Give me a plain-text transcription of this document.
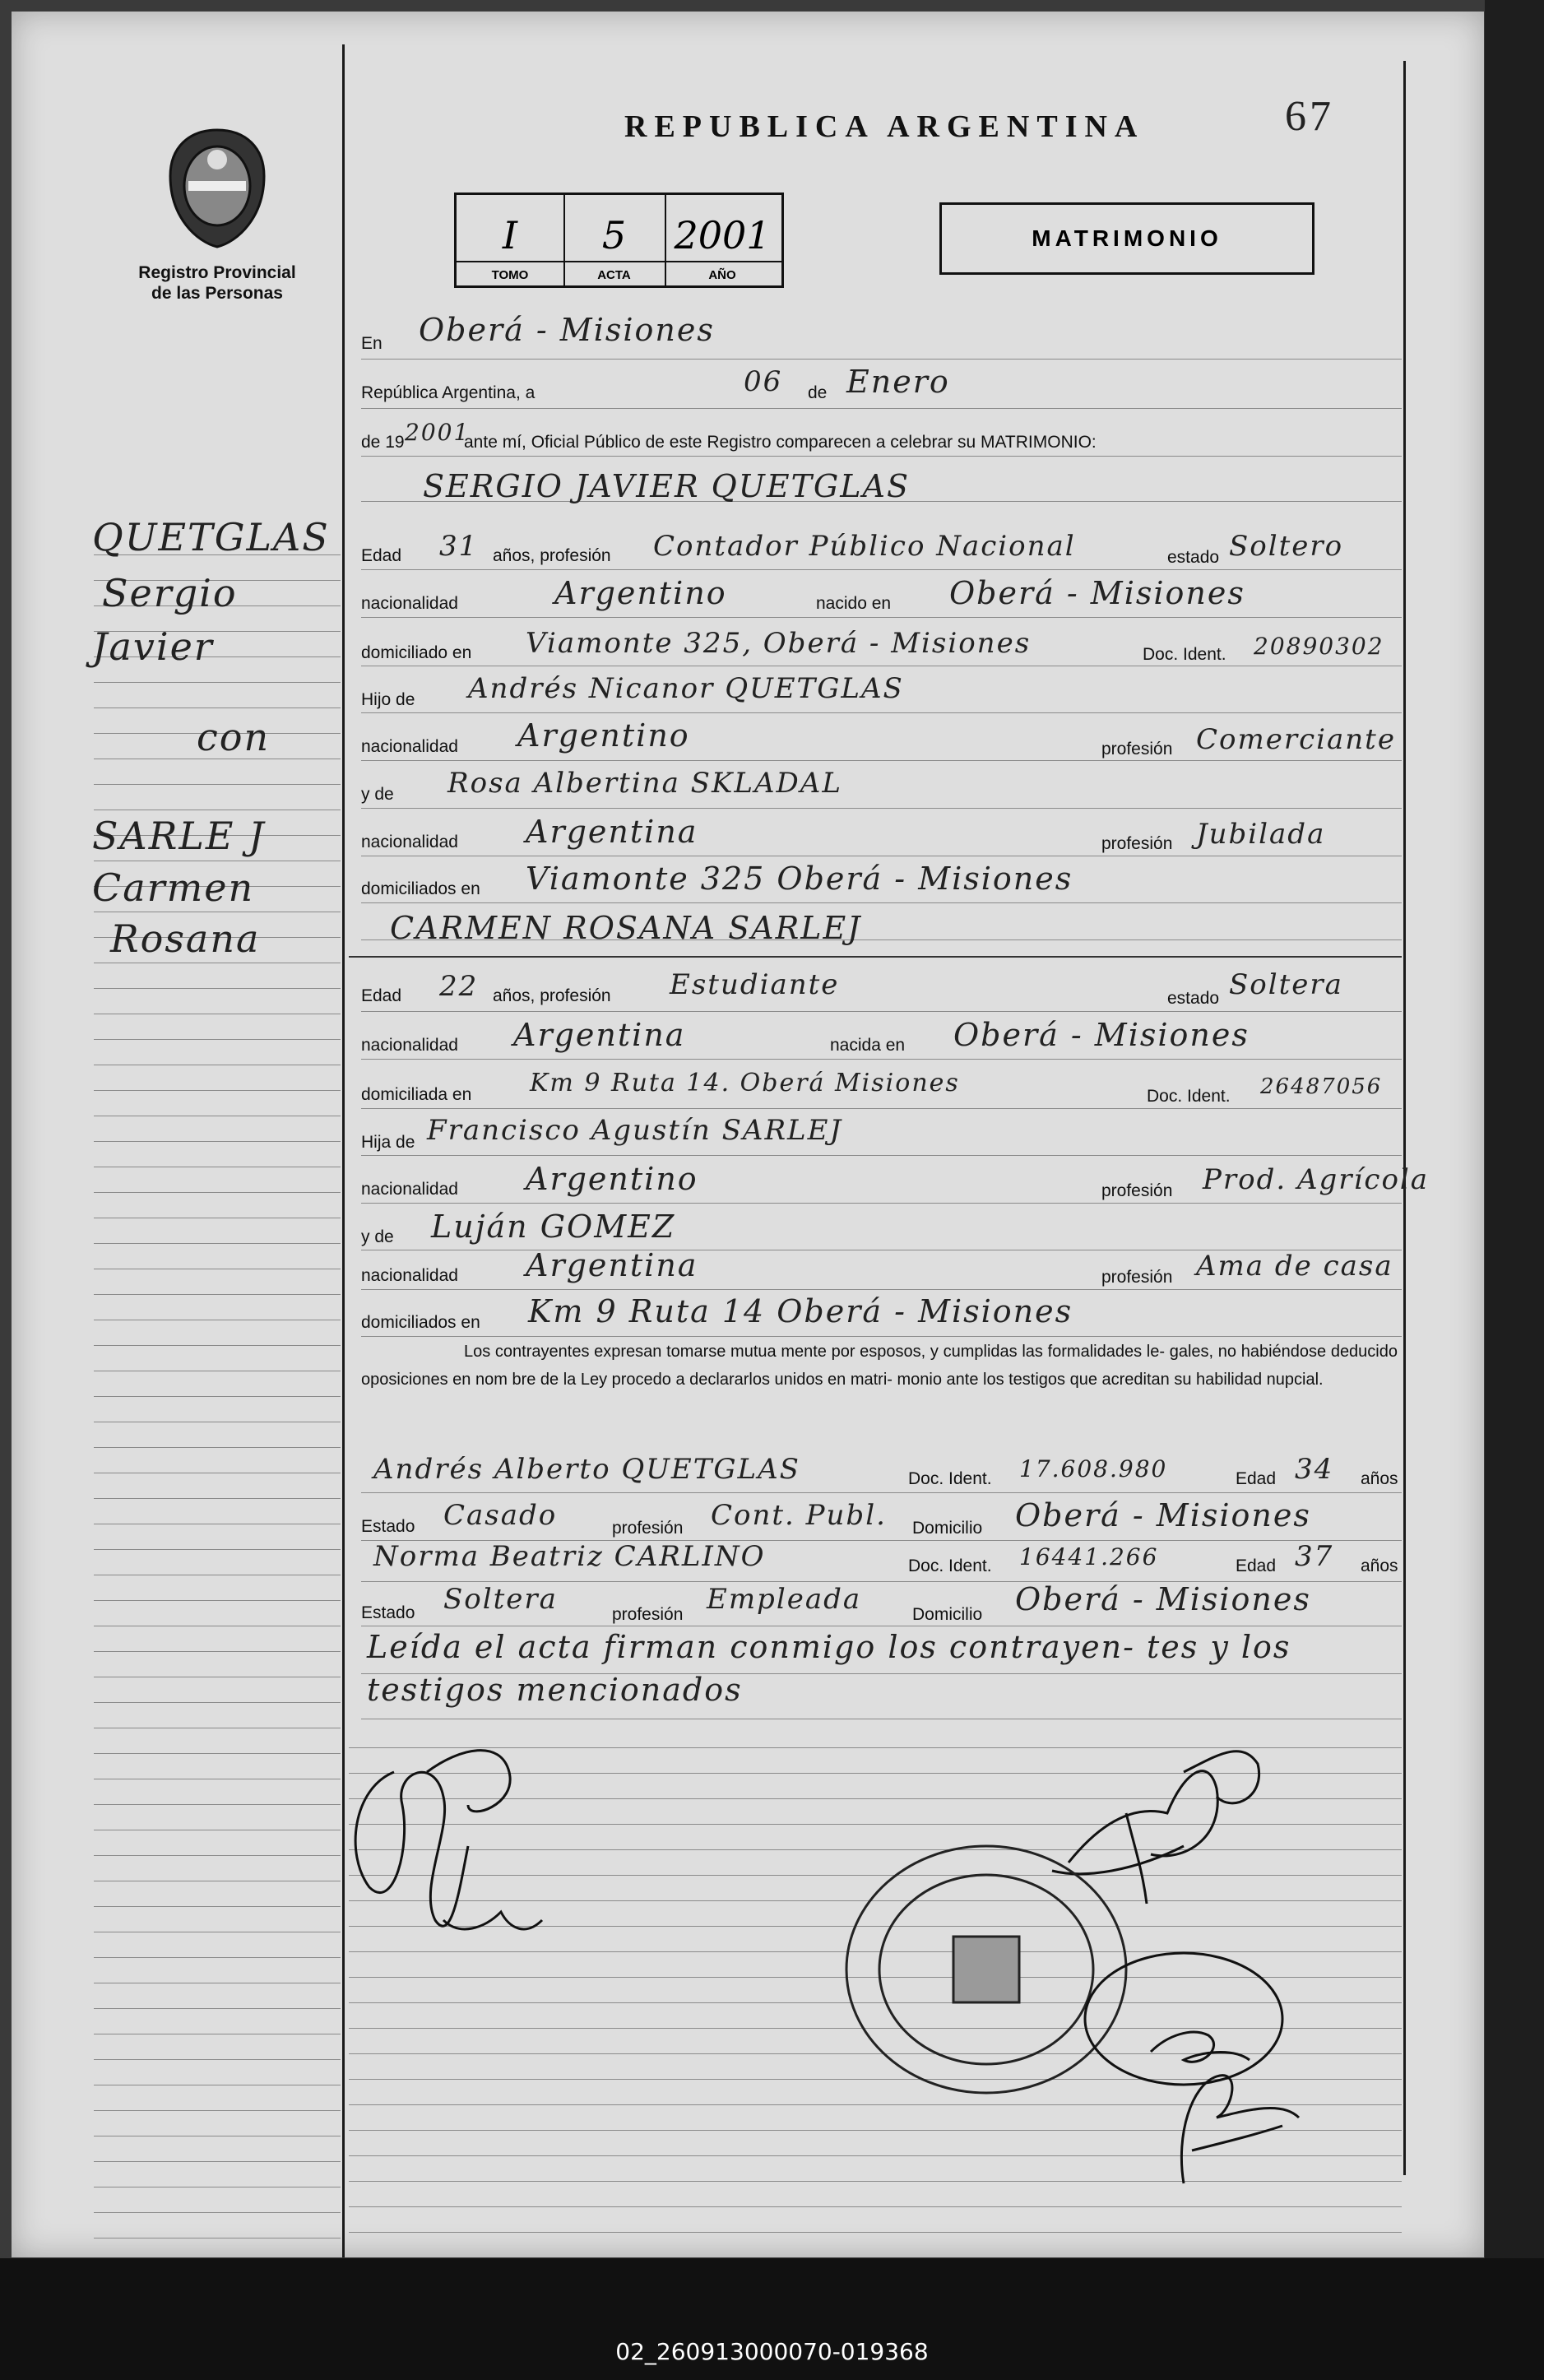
Registro Provincial
de las Personas
REPUBLICA ARGENTINA	67
I
TOMO
5
ACTA
2001
AÑO
MATRIMONIO
QUETGLAS
Sergio
Javier
con
SARLE J
Carmen
Rosana
En Oberá - Misiones
República Argentina, a	06 de Enero
de 19 2001
ante mí, Oficial Público de este Registro comparecen a celebrar su MATRIMONIO:
SERGIO JAVIER QUETGLAS
Edad 31 años, profesión Contador Público Nacional	estado Soltero
nacionalidad	Argentino	nacido en Oberá - Misiones
domiciliado en Viamonte 325, Oberá - Misiones	Doc. Ident. 20890302
Hijo de Andrés Nicanor QUETGLAS
nacionalidad Argentino	profesión Comerciante
y de Rosa Albertina SKLADAL
nacionalidad Argentina	profesión Jubilada
domiciliados en Viamonte 325 Oberá - Misiones
CARMEN ROSANA SARLEJ
Edad 22 años, profesión Estudiante	estado Soltera
nacionalidad Argentina	nacida en Oberá - Misiones
domiciliada en Km 9 Ruta 14. Oberá Misiones	Doc. Ident. 26487056
Hija de Francisco Agustín SARLEJ
nacionalidad Argentino	profesión Prod. Agrícola
y de Luján GOMEZ
nacionalidad Argentina	profesión Ama de casa
domiciliados en Km 9 Ruta 14 Oberá - Misiones
Los contrayentes expresan tomarse mutua mente por esposos, y cumplidas las formalidades le- gales, no habiéndose deducido oposiciones en nom bre de la Ley procedo a declararlos unidos en matri- monio ante los testigos que acreditan su habilidad nupcial.
Andrés Alberto QUETGLAS	Doc. Ident. 17.608.980	Edad 34 años
Estado Casado	profesión Cont. Publ. Domicilio Oberá - Misiones
Norma Beatriz CARLINO	Doc. Ident. 16441.266	Edad 37 años
Estado Soltera	profesión Empleada	Domicilio Oberá - Misiones
Leída el acta firman conmigo los contrayen- tes y los testigos mencionados
02_260913000070-019368
